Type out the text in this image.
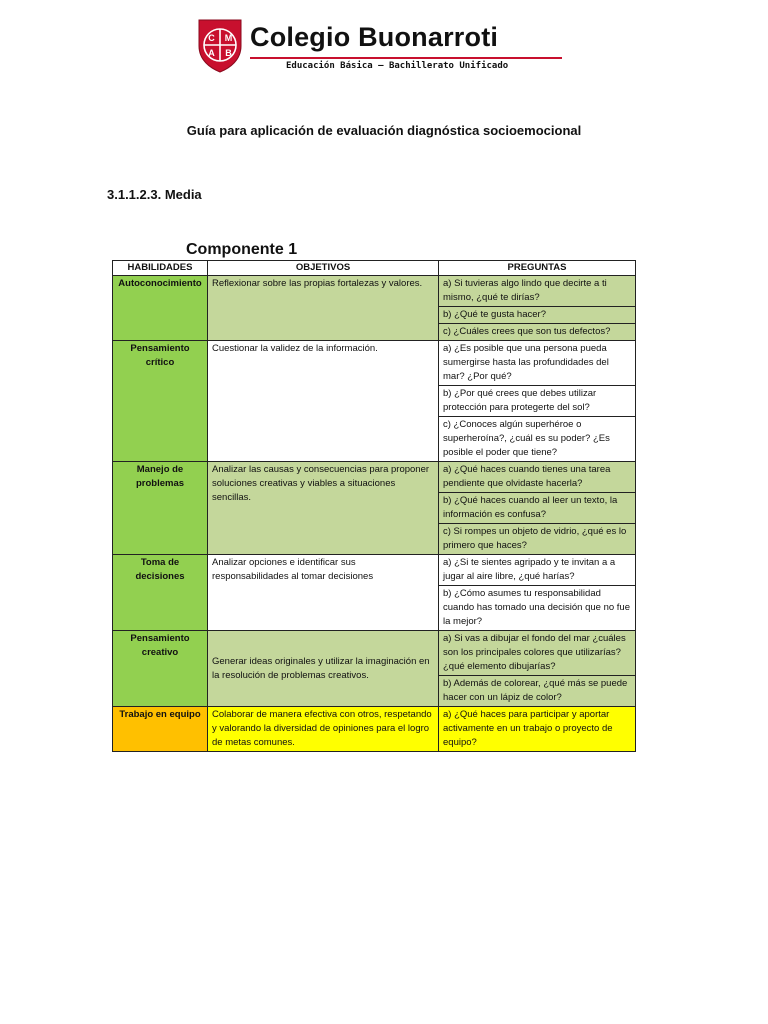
C M
A B
Colegio Buonarroti
Educación Básica – Bachillerato Unificado
Guía para aplicación de evaluación diagnóstica socioemocional
3.1.1.2.3. Media
Componente 1
HABILIDADES	OBJETIVOS	PREGUNTAS
Autoconocimiento	Reflexionar sobre las propias fortalezas y valores.	a) Si tuvieras algo lindo que decirte a ti mismo, ¿qué te dirías?
		b) ¿Qué te gusta hacer?
		c) ¿Cuáles crees que son tus defectos?
Pensamiento crítico	Cuestionar la validez de la información.	a) ¿Es posible que una persona pueda sumergirse hasta las profundidades del mar? ¿Por qué?
		b) ¿Por qué crees que debes utilizar protección para protegerte del sol?
		c) ¿Conoces algún superhéroe o superheroína?, ¿cuál es su poder? ¿Es posible el poder que tiene?
Manejo de problemas	Analizar las causas y consecuencias para proponer soluciones creativas y viables a situaciones sencillas.	a) ¿Qué haces cuando tienes una tarea pendiente que olvidaste hacerla?
		b) ¿Qué haces cuando al leer un texto, la información es confusa?
		c) Si rompes un objeto de vidrio, ¿qué es lo primero que haces?
Toma de decisiones	Analizar opciones e identificar sus responsabilidades al tomar decisiones	a) ¿Si te sientes agripado y te invitan a a jugar al aire libre, ¿qué harías?
		b) ¿Cómo asumes tu responsabilidad cuando has tomado una decisión que no fue la mejor?
Pensamiento creativo	Generar ideas originales y utilizar la imaginación en la resolución de problemas creativos.	a) Si vas a dibujar el fondo del mar ¿cuáles son los principales colores que utilizarías? ¿qué elemento dibujarías?
		b) Además de colorear, ¿qué más se puede hacer con un lápiz de color?
Trabajo en equipo	Colaborar de manera efectiva con otros, respetando y valorando la diversidad de opiniones para el logro de metas comunes.	a) ¿Qué haces para participar y aportar activamente en un trabajo o proyecto de equipo?
